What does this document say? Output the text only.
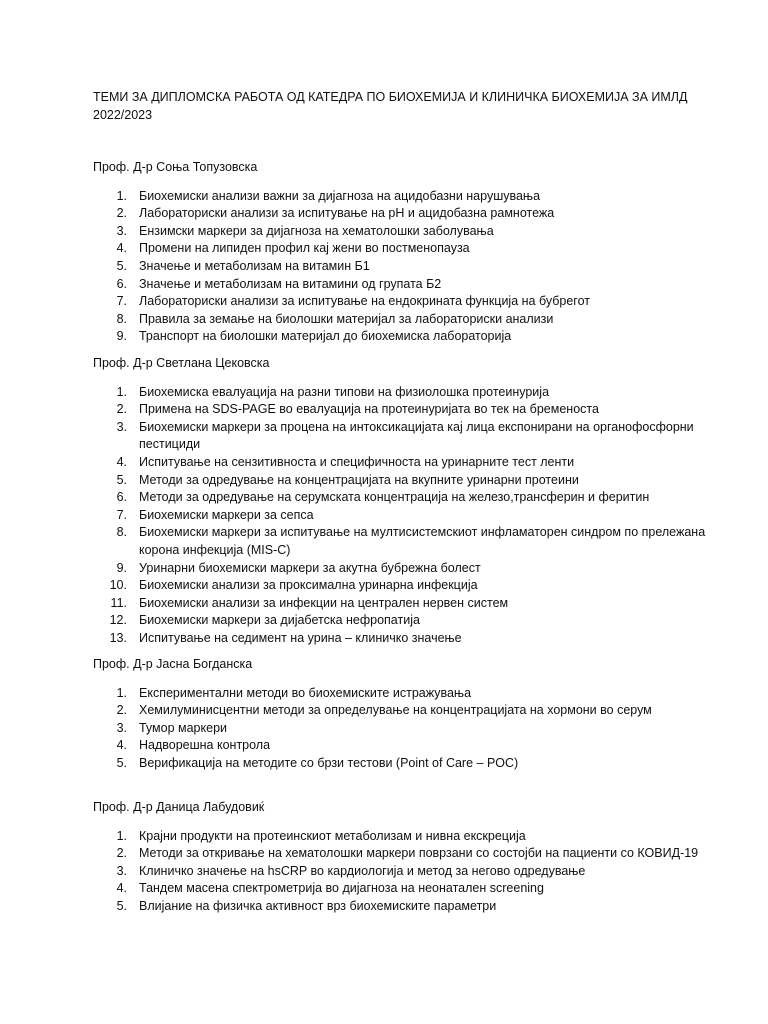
ТЕМИ ЗА ДИПЛОМСКА РАБОТА ОД КАТЕДРА ПО БИОХЕМИЈА И КЛИНИЧКА БИОХЕМИЈА ЗА ИМЛД 2022/2023

Проф. Д-р Соња Топузовска

1. Биохемиски анализи важни за дијагноза на ацидобазни нарушувања
2. Лабораториски анализи за испитување на pH и ацидобазна рамнотежа
3. Ензимски маркери за дијагноза на хематолошки заболувања
4. Промени на липиден профил кај жени во постменопауза
5. Значење и метаболизам на витамин Б1
6. Значење и метаболизам на витамини од групата Б2
7. Лабораториски анализи за испитување на ендокрината функција на бубрегот
8. Правила за земање на биолошки материјал за лабораториски анализи
9. Транспорт на биолошки материјал до биохемиска лабораторија

Проф. Д-р Светлана Цековска

1. Биохемиска евалуација на разни типови на физиолошка протеинурија
2. Примена на SDS-PAGE во евалуација на протеинуријата во тек на бременоста
3. Биохемиски маркери за процена на интоксикацијата кај лица експонирани на органофосфорни пестициди
4. Испитување на сензитивноста и специфичноста на уринарните тест ленти
5. Методи за одредување на концентрацијата на вкупните уринарни протеини
6. Методи за одредување на серумската концентрација на железо,трансферин и феритин
7. Биохемиски маркери за сепса
8. Биохемиски маркери за испитување на мултисистемскиот инфламаторен синдром по прележана корона инфекција (MIS-C)
9. Уринарни биохемиски маркери за акутна бубрежна болест
10. Биохемиски анализи за проксимална уринарна инфекција
11. Биохемиски анализи за инфекции на централен нервен систем
12. Биохемиски маркери за дијабетска нефропатија
13. Испитување на седимент на урина – клиничко значење

Проф. Д-р Јасна Богданска

1. Експериментални методи во биохемиските истражувања
2. Хемилуминисцентни методи за определување на концентрацијата на хормони во серум
3. Тумор маркери
4. Надворешна контрола
5. Верификација на методите со брзи тестови (Point of Care – POC)

Проф. Д-р Даница Лабудовиќ

1. Крајни продукти на протеинскиот метаболизам и нивна екскреција
2. Методи за откривање на хематолошки маркери поврзани со состојби на пациенти со КОВИД-19
3. Клиничко значење на hsCRP во кардиологија и метод за негово одредување
4. Тандем масена спектрометрија во дијагноза на неонатален screening
5. Влијание на физичка активност врз биохемиските параметри
